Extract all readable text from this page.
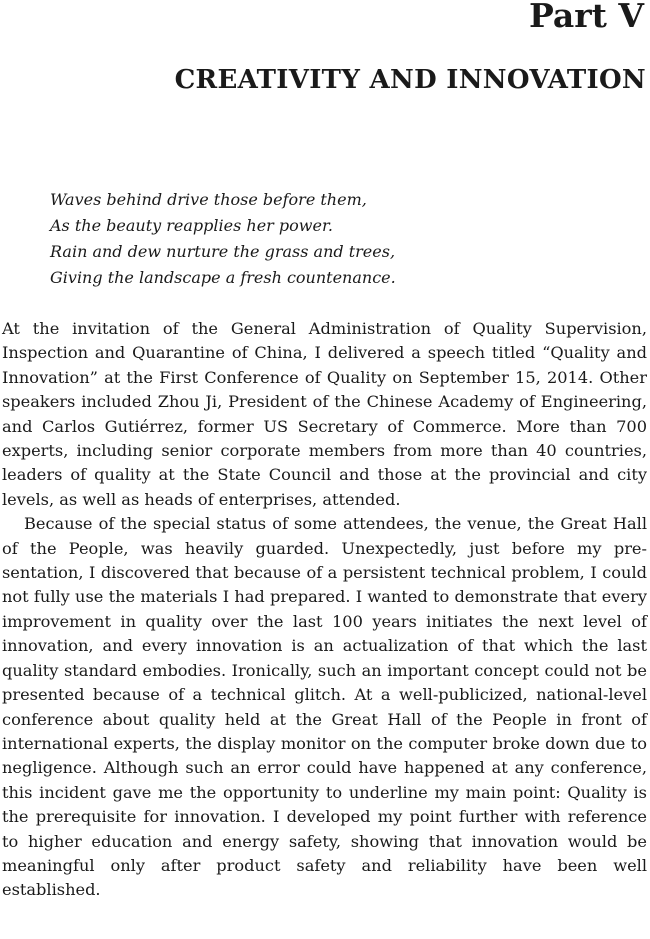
Part V
CREATIVITY AND INNOVATION
Waves behind drive those before them,
As the beauty reapplies her power.
Rain and dew nurture the grass and trees,
Giving the landscape a fresh countenance.

At the invitation of the General Administration of Quality Supervision, Inspection and Quarantine of China, I delivered a speech titled “Quality and Innovation” at the First Conference of Quality on September 15, 2014. Other speakers included Zhou Ji, President of the Chinese Academy of Engineering, and Carlos Gutiérrez, former US Secretary of Commerce. More than 700 experts, including senior corporate members from more than 40 countries, leaders of quality at the State Council and those at the provincial and city levels, as well as heads of enterprises, attended.

Because of the special status of some attendees, the venue, the Great Hall of the People, was heavily guarded. Unexpectedly, just before my pre-sentation, I discovered that because of a persistent technical problem, I could not fully use the materials I had prepared. I wanted to demonstrate that every improvement in quality over the last 100 years initiates the next level of innovation, and every innovation is an actualization of that which the last quality standard embodies. Ironically, such an important concept could not be presented because of a technical glitch. At a well-publicized, national-level conference about quality held at the Great Hall of the People in front of international experts, the display monitor on the computer broke down due to negligence. Although such an error could have happened at any conference, this incident gave me the opportunity to underline my main point: Quality is the prerequisite for innovation. I developed my point further with reference to higher education and energy safety, showing that innovation would be meaningful only after product safety and reliability have been well established.
